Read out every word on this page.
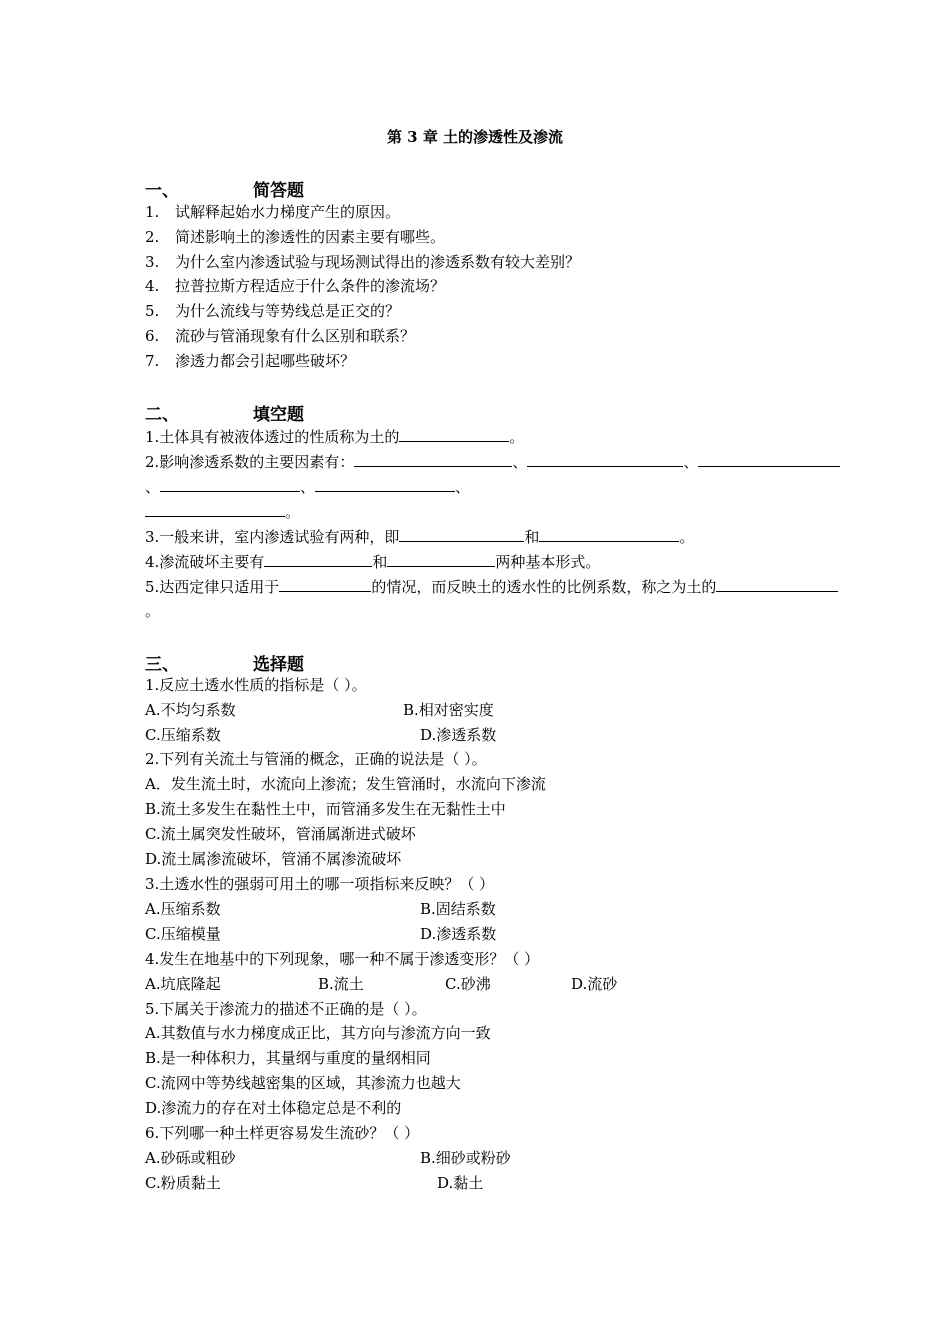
第 3 章 土的渗透性及渗流
一、	简答题
1. 试解释起始水力梯度产生的原因。
2. 简述影响土的渗透性的因素主要有哪些。
3. 为什么室内渗透试验与现场测试得出的渗透系数有较大差别？
4. 拉普拉斯方程适应于什么条件的渗流场？
5. 为什么流线与等势线总是正交的？
6. 流砂与管涌现象有什么区别和联系？
7. 渗透力都会引起哪些破坏？
二、	填空题
1.土体具有被液体透过的性质称为土的	。
2.影响渗透系数的主要因素有：	、	、
、	、	、
。
3.一般来讲，室内渗透试验有两种，即	和	。
4.渗流破坏主要有	和	两种基本形式。
5.达西定律只适用于	的情况，而反映土的透水性的比例系数，称之为土的
。
三、	选择题
1.反应土透水性质的指标是（ ）。
A.不均匀系数	B.相对密实度
C.压缩系数	D.渗透系数
2.下列有关流土与管涌的概念，正确的说法是（ ）。
A．发生流土时，水流向上渗流；发生管涌时，水流向下渗流
B.流土多发生在黏性土中，而管涌多发生在无黏性土中
C.流土属突发性破坏，管涌属渐进式破坏
D.流土属渗流破坏，管涌不属渗流破坏
3.土透水性的强弱可用土的哪一项指标来反映？（ ）
A.压缩系数	B.固结系数
C.压缩模量	D.渗透系数
4.发生在地基中的下列现象，哪一种不属于渗透变形？（ ）
A.坑底隆起	B.流土	C.砂沸	D.流砂
5.下属关于渗流力的描述不正确的是（ ）。
A.其数值与水力梯度成正比，其方向与渗流方向一致
B.是一种体积力，其量纲与重度的量纲相同
C.流网中等势线越密集的区域，其渗流力也越大
D.渗流力的存在对土体稳定总是不利的
6.下列哪一种土样更容易发生流砂？（ ）
A.砂砾或粗砂	B.细砂或粉砂
C.粉质黏土	D.黏土
